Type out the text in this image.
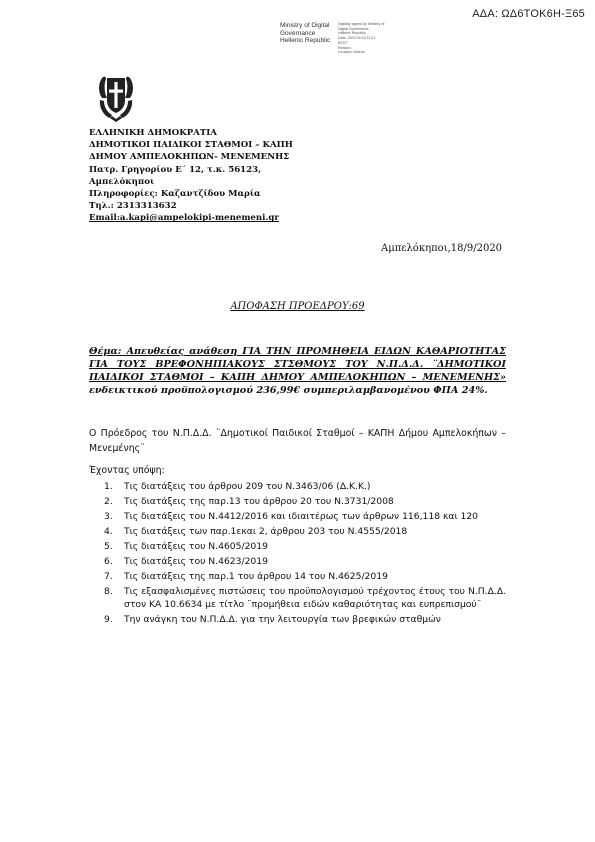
ΑΔΑ: ΩΔ6ΤΟΚ6Η-Ξ65
Ministry of Digital
Governance
Hellenic Republic
Digitally signed by Ministry of
Digital Governance,
Hellenic Republic
Date: 2020.09.18 11:21
EEST
Reason:
Location: Athens
ΕΛΛΗΝΙΚΗ ΔΗΜΟΚΡΑΤΙΑ
ΔΗΜΟΤΙΚΟΙ ΠΑΙΔΙΚΟΙ ΣΤΑΘΜΟΙ – ΚΑΠΗ
ΔΗΜΟΥ ΑΜΠΕΛΟΚΗΠΩΝ- ΜΕΝΕΜΕΝΗΣ
Πατρ. Γρηγορίου Ε΄ 12, τ.κ. 56123,
Αμπελόκηποι
Πληροφορίες: Καζαντζίδου Μαρία
Τηλ.: 2313313632
Email:a.kapi@ampelokipi-menemeni.gr
Αμπελόκηποι,18/9/2020
ΑΠΟΦΑΣΗ ΠΡΟΕΔΡΟΥ:69
Θέμα: Απευθείας ανάθεση ΓΙΑ ΤΗΝ ΠΡΟΜΗΘΕΙΑ ΕΙΔΩΝ ΚΑΘΑΡΙΟΤΗΤΑΣ ΓΙΑ ΤΟΥΣ ΒΡΕΦΟΝΗΠΙΑΚΟΥΣ ΣΤΣΘΜΟΥΣ ΤΟΥ Ν.Π.Δ.Δ. ¨ΔΗΜΟΤΙΚΟΙ ΠΑΙΔΙΚΟΙ ΣΤΑΘΜΟΙ – ΚΑΠΗ ΔΗΜΟΥ ΑΜΠΕΛΟΚΗΠΩΝ – ΜΕΝΕΜΕΝΗΣ» ενδεικτικού προϋπολογισμού 236,99€ συμπεριλαμβανομένου ΦΠΑ 24%.
Ο Πρόεδρος του Ν.Π.Δ.Δ. ¨Δημοτικοί Παιδικοί Σταθμοί – ΚΑΠΗ Δήμου Αμπελοκήπων – Μενεμένης¨
Έχοντας υπόψη:
1. Τις διατάξεις του άρθρου 209 του Ν.3463/06 (Δ.Κ.Κ.)
2. Τις διατάξεις της παρ.13 του άρθρου 20 του Ν.3731/2008
3. Τις διατάξεις του Ν.4412/2016 και ιδιαιτέρως των άρθρων 116,118 και 120
4. Τις διατάξεις των παρ.1εκαι 2, άρθρου 203 του Ν.4555/2018
5. Τις διατάξεις του Ν.4605/2019
6. Τις διατάξεις του Ν.4623/2019
7. Τις διατάξεις της παρ.1 του άρθρου 14 του Ν.4625/2019
8. Τις εξασφαλισμένες πιστώσεις του προϋπολογισμού τρέχοντος έτους του Ν.Π.Δ.Δ. στον ΚΑ 10.6634 με τίτλο ¨προμήθεια ειδών καθαριότητας και ευπρεπισμού¨
9. Την ανάγκη του Ν.Π.Δ.Δ. για την λειτουργία των βρεφικών σταθμών
